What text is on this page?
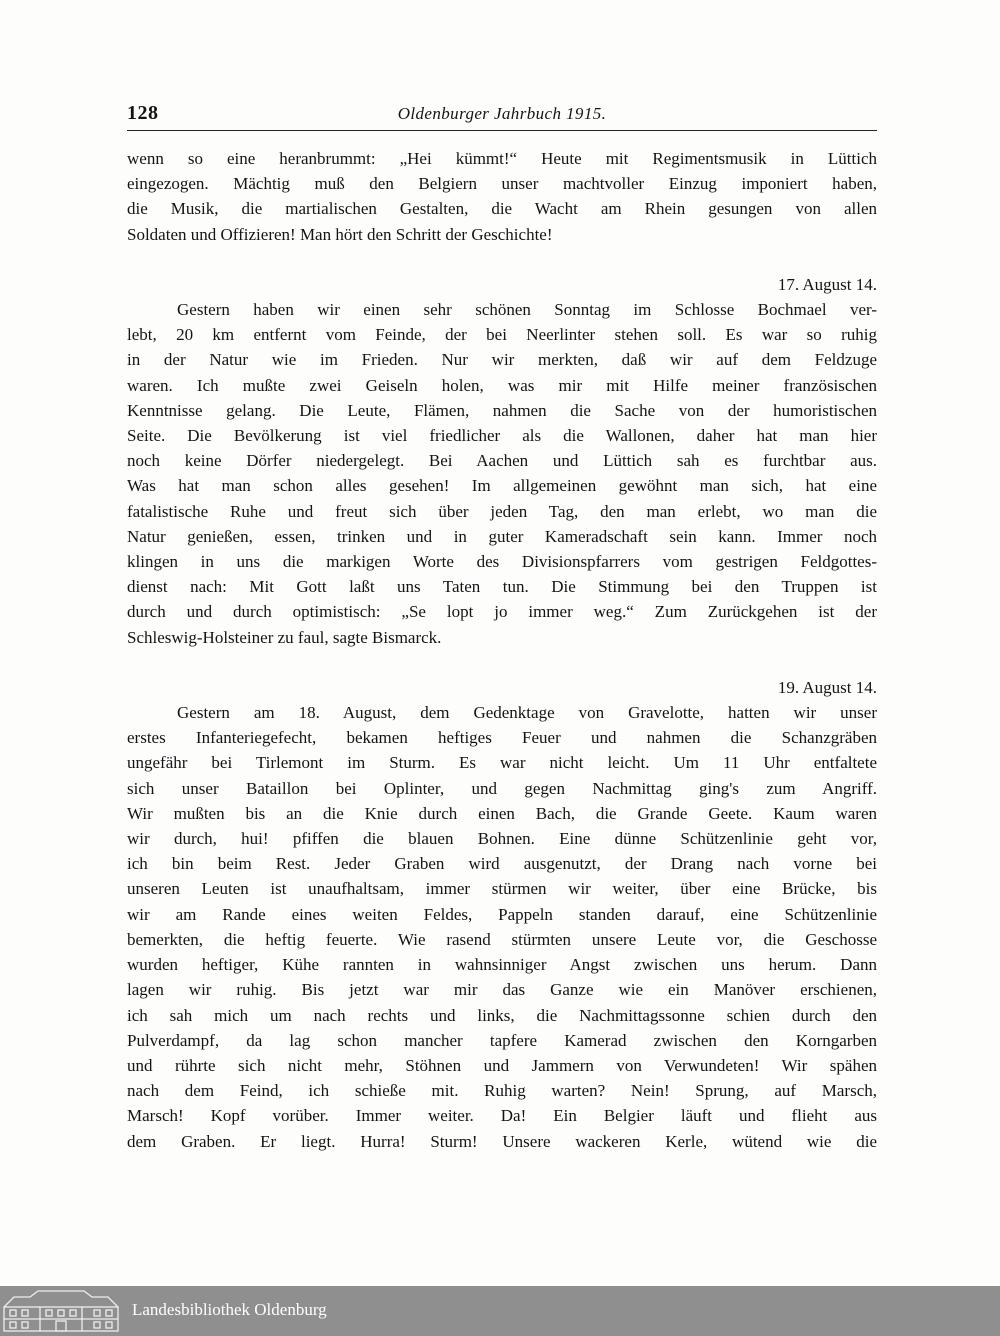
128	Oldenburger Jahrbuch 1915.

wenn so eine heranbrummt: „Hei kümmt!“ Heute mit Regimentsmusik in Lüttich

eingezogen. Mächtig muß den Belgiern unser machtvoller Einzug imponiert haben,

die Musik, die martialischen Gestalten, die Wacht am Rhein gesungen von allen

Soldaten und Offizieren! Man hört den Schritt der Geschichte!

17. August 14.

Gestern haben wir einen sehr schönen Sonntag im Schlosse Bochmael ver-

lebt, 20 km entfernt vom Feinde, der bei Neerlinter stehen soll. Es war so ruhig

in der Natur wie im Frieden. Nur wir merkten, daß wir auf dem Feldzuge

waren. Ich mußte zwei Geiseln holen, was mir mit Hilfe meiner französischen

Kenntnisse gelang. Die Leute, Flämen, nahmen die Sache von der humoristischen

Seite. Die Bevölkerung ist viel friedlicher als die Wallonen, daher hat man hier

noch keine Dörfer niedergelegt. Bei Aachen und Lüttich sah es furchtbar aus.

Was hat man schon alles gesehen! Im allgemeinen gewöhnt man sich, hat eine

fatalistische Ruhe und freut sich über jeden Tag, den man erlebt, wo man die

Natur genießen, essen, trinken und in guter Kameradschaft sein kann. Immer noch

klingen in uns die markigen Worte des Divisionspfarrers vom gestrigen Feldgottes-

dienst nach: Mit Gott laßt uns Taten tun. Die Stimmung bei den Truppen ist

durch und durch optimistisch: „Se lopt jo immer weg.“ Zum Zurückgehen ist der

Schleswig-Holsteiner zu faul, sagte Bismarck.

19. August 14.

Gestern am 18. August, dem Gedenktage von Gravelotte, hatten wir unser

erstes Infanteriegefecht, bekamen heftiges Feuer und nahmen die Schanzgräben

ungefähr bei Tirlemont im Sturm. Es war nicht leicht. Um 11 Uhr entfaltete

sich unser Bataillon bei Oplinter, und gegen Nachmittag ging's zum Angriff.

Wir mußten bis an die Knie durch einen Bach, die Grande Geete. Kaum waren

wir durch, hui! pfiffen die blauen Bohnen. Eine dünne Schützenlinie geht vor,

ich bin beim Rest. Jeder Graben wird ausgenutzt, der Drang nach vorne bei

unseren Leuten ist unaufhaltsam, immer stürmen wir weiter, über eine Brücke, bis

wir am Rande eines weiten Feldes, Pappeln standen darauf, eine Schützenlinie

bemerkten, die heftig feuerte. Wie rasend stürmten unsere Leute vor, die Geschosse

wurden heftiger, Kühe rannten in wahnsinniger Angst zwischen uns herum. Dann

lagen wir ruhig. Bis jetzt war mir das Ganze wie ein Manöver erschienen,

ich sah mich um nach rechts und links, die Nachmittagssonne schien durch den

Pulverdampf, da lag schon mancher tapfere Kamerad zwischen den Korngarben

und rührte sich nicht mehr, Stöhnen und Jammern von Verwundeten! Wir spähen

nach dem Feind, ich schieße mit. Ruhig warten? Nein! Sprung, auf Marsch,

Marsch! Kopf vorüber. Immer weiter. Da! Ein Belgier läuft und flieht aus

dem Graben. Er liegt. Hurra! Sturm! Unsere wackeren Kerle, wütend wie die

Landesbibliothek Oldenburg
